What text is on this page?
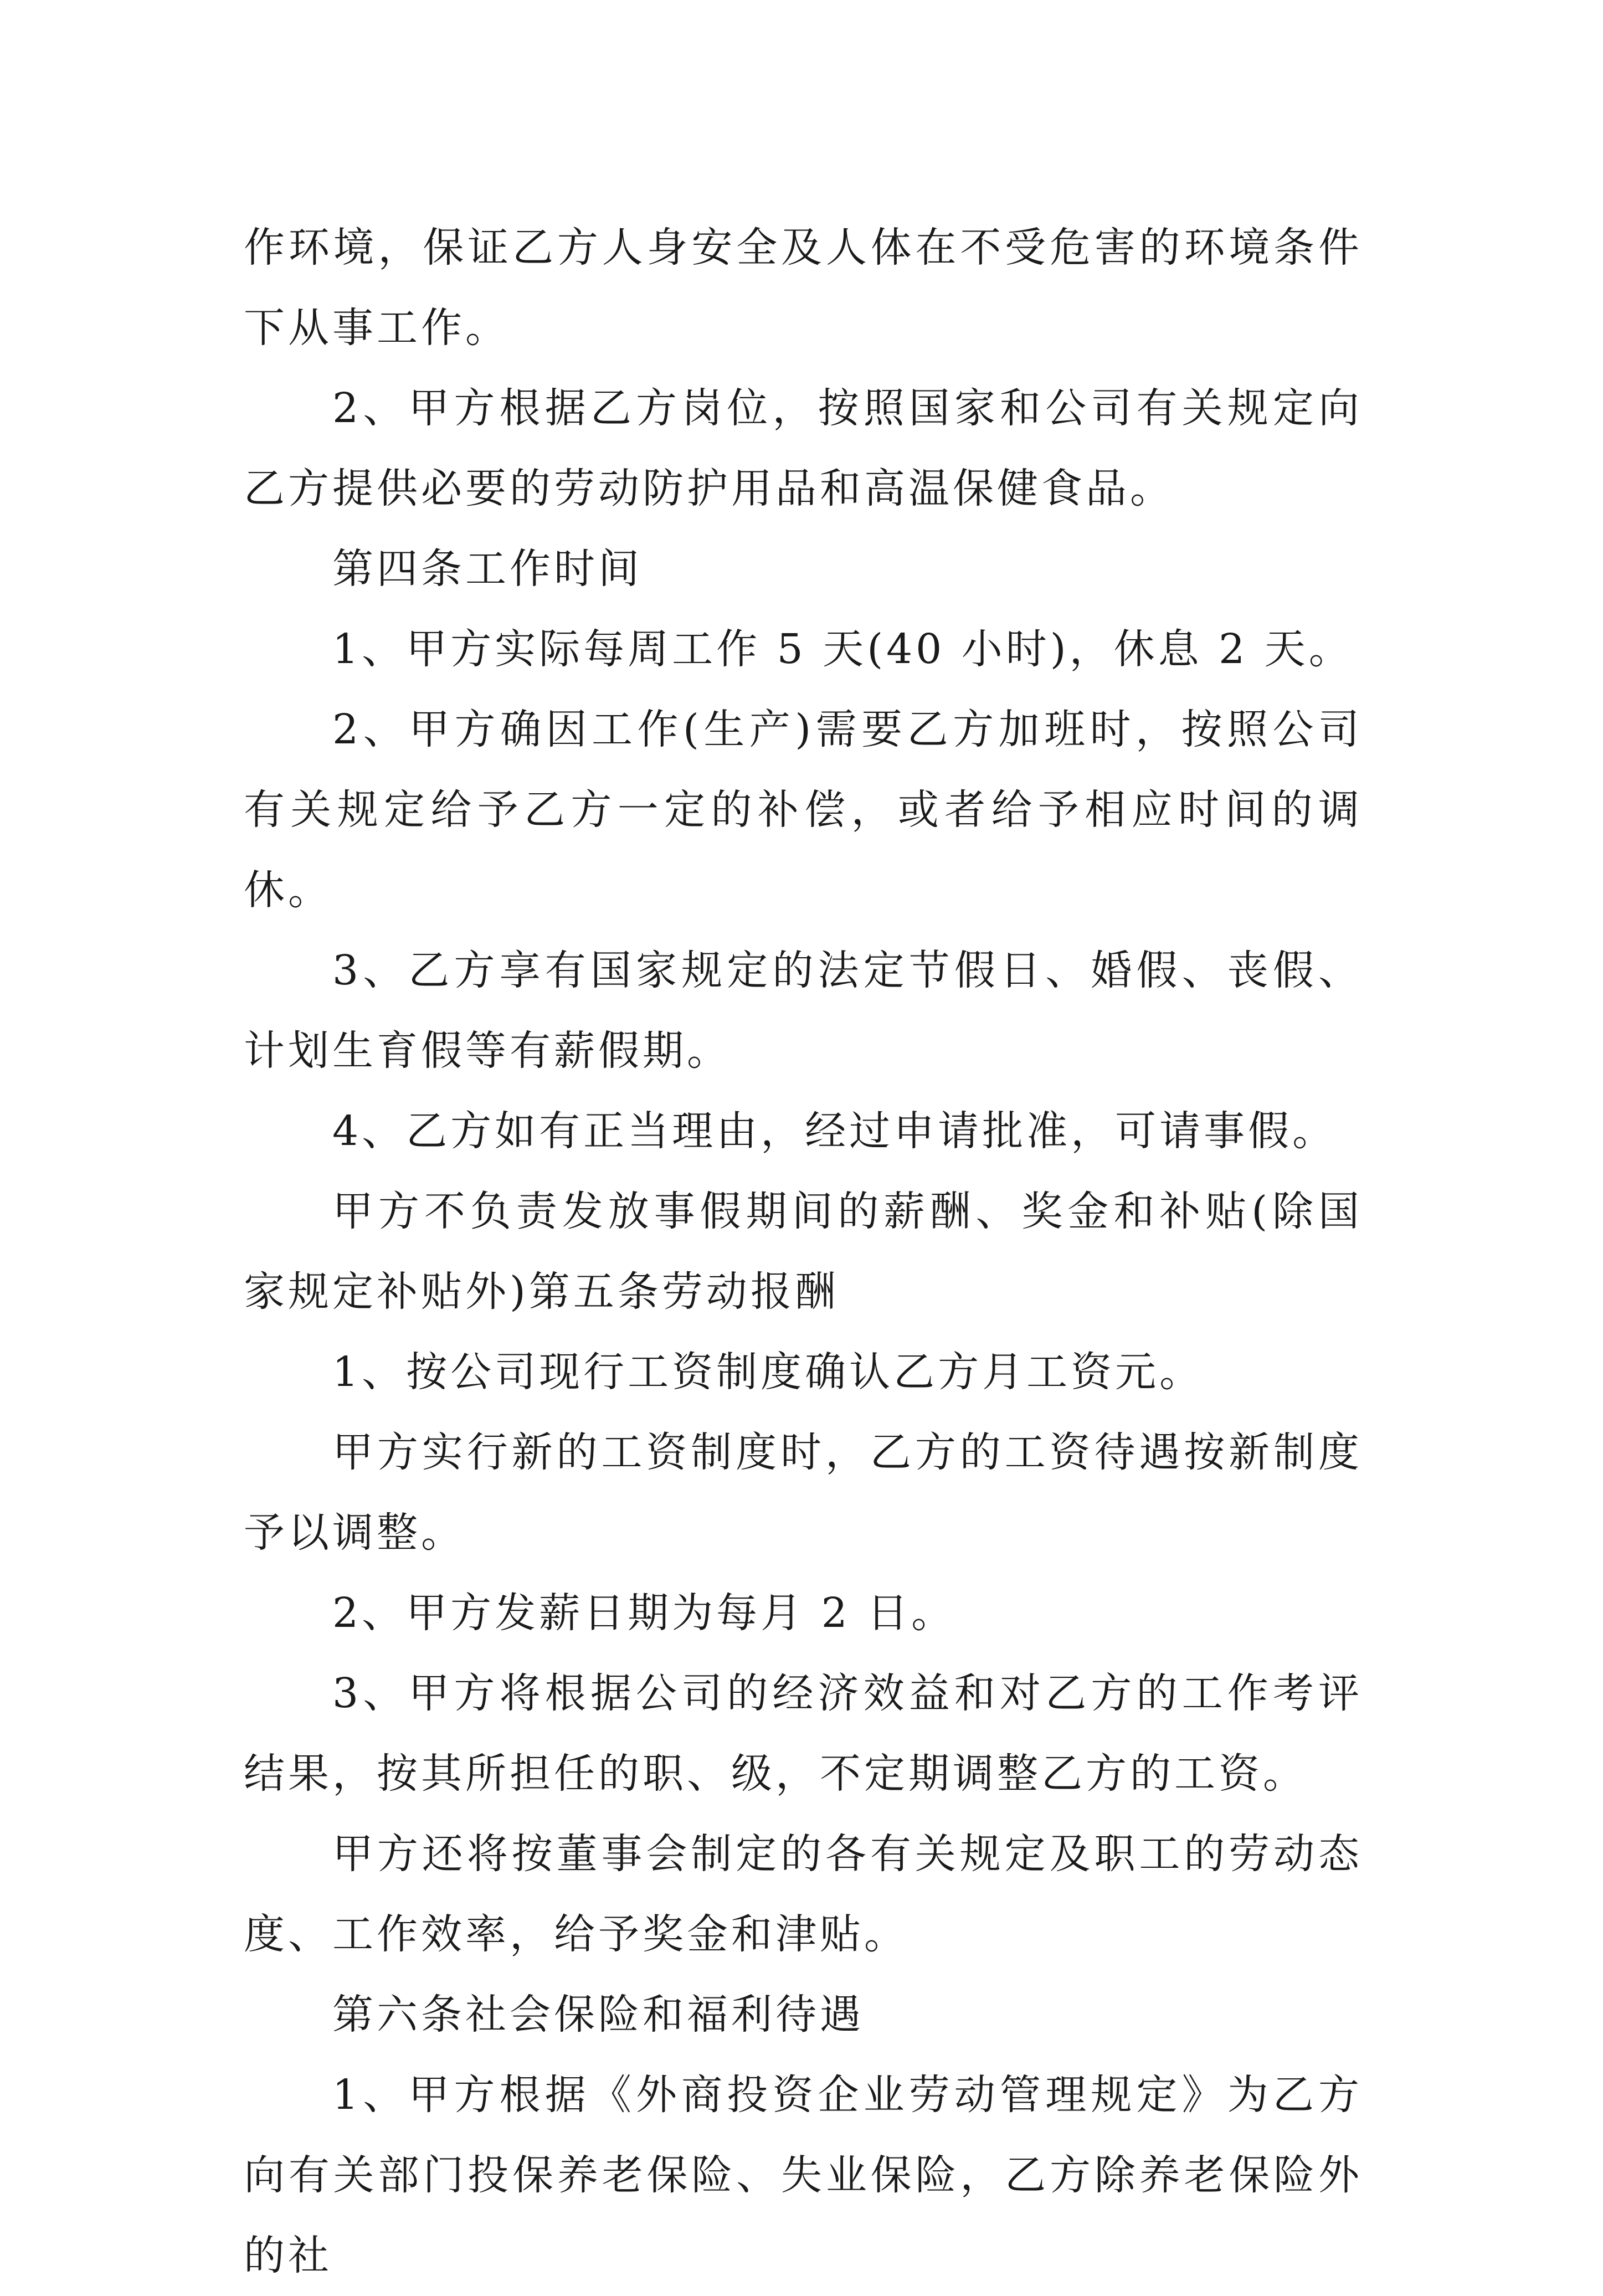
作环境，保证乙方人身安全及人体在不受危害的环境条件下从事工作。

2、甲方根据乙方岗位，按照国家和公司有关规定向乙方提供必要的劳动防护用品和高温保健食品。

第四条工作时间

1、甲方实际每周工作 5 天(40 小时)，休息 2 天。

2、甲方确因工作(生产)需要乙方加班时，按照公司有关规定给予乙方一定的补偿，或者给予相应时间的调休。

3、乙方享有国家规定的法定节假日、婚假、丧假、计划生育假等有薪假期。

4、乙方如有正当理由，经过申请批准，可请事假。

甲方不负责发放事假期间的薪酬、奖金和补贴(除国家规定补贴外)第五条劳动报酬

1、按公司现行工资制度确认乙方月工资元。

甲方实行新的工资制度时，乙方的工资待遇按新制度予以调整。

2、甲方发薪日期为每月 2 日。

3、甲方将根据公司的经济效益和对乙方的工作考评结果，按其所担任的职、级，不定期调整乙方的工资。

甲方还将按董事会制定的各有关规定及职工的劳动态度、工作效率，给予奖金和津贴。

第六条社会保险和福利待遇

1、甲方根据《外商投资企业劳动管理规定》为乙方向有关部门投保养老保险、失业保险，乙方除养老保险外的社
